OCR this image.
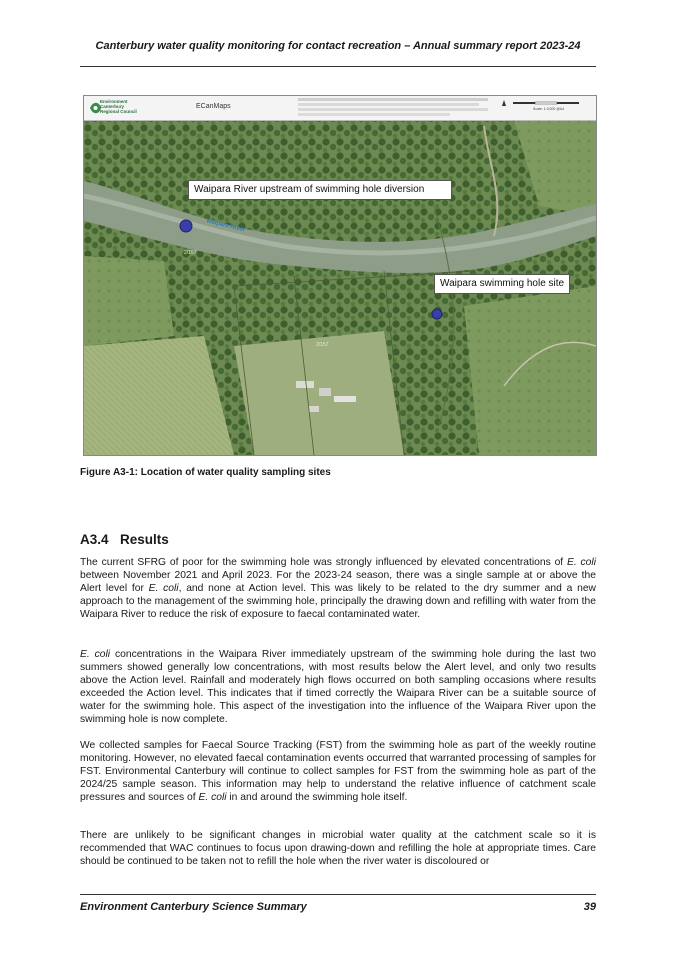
Canterbury water quality monitoring for contact recreation – Annual summary report 2023-24
2/157
2/157
Waipara River
Environment Canterbury Regional Council
ECanMaps	Scale: 1:3,000 @A4
Waipara River upstream of swimming hole diversion
Waipara swimming hole site
Figure A3-1: Location of water quality sampling sites
A3.4 Results
The current SFRG of poor for the swimming hole was strongly influenced by elevated concentrations of E. coli between November 2021 and April 2023. For the 2023-24 season, there was a single sample at or above the Alert level for E. coli, and none at Action level. This was likely to be related to the dry summer and a new approach to the management of the swimming hole, principally the drawing down and refilling with water from the Waipara River to reduce the risk of exposure to faecal contaminated water.
E. coli concentrations in the Waipara River immediately upstream of the swimming hole during the last two summers showed generally low concentrations, with most results below the Alert level, and only two results above the Action level. Rainfall and moderately high flows occurred on both sampling occasions where results exceeded the Action level. This indicates that if timed correctly the Waipara River can be a suitable source of water for the swimming hole. This aspect of the investigation into the influence of the Waipara River upon the swimming hole is now complete.
We collected samples for Faecal Source Tracking (FST) from the swimming hole as part of the weekly routine monitoring. However, no elevated faecal contamination events occurred that warranted processing of samples for FST. Environmental Canterbury will continue to collect samples for FST from the swimming hole as part of the 2024/25 sample season. This information may help to understand the relative influence of catchment scale pressures and sources of E. coli in and around the swimming hole itself.
There are unlikely to be significant changes in microbial water quality at the catchment scale so it is recommended that WAC continues to focus upon drawing-down and refilling the hole at appropriate times. Care should be continued to be taken not to refill the hole when the river water is discoloured or
Environment Canterbury Science Summary	39
